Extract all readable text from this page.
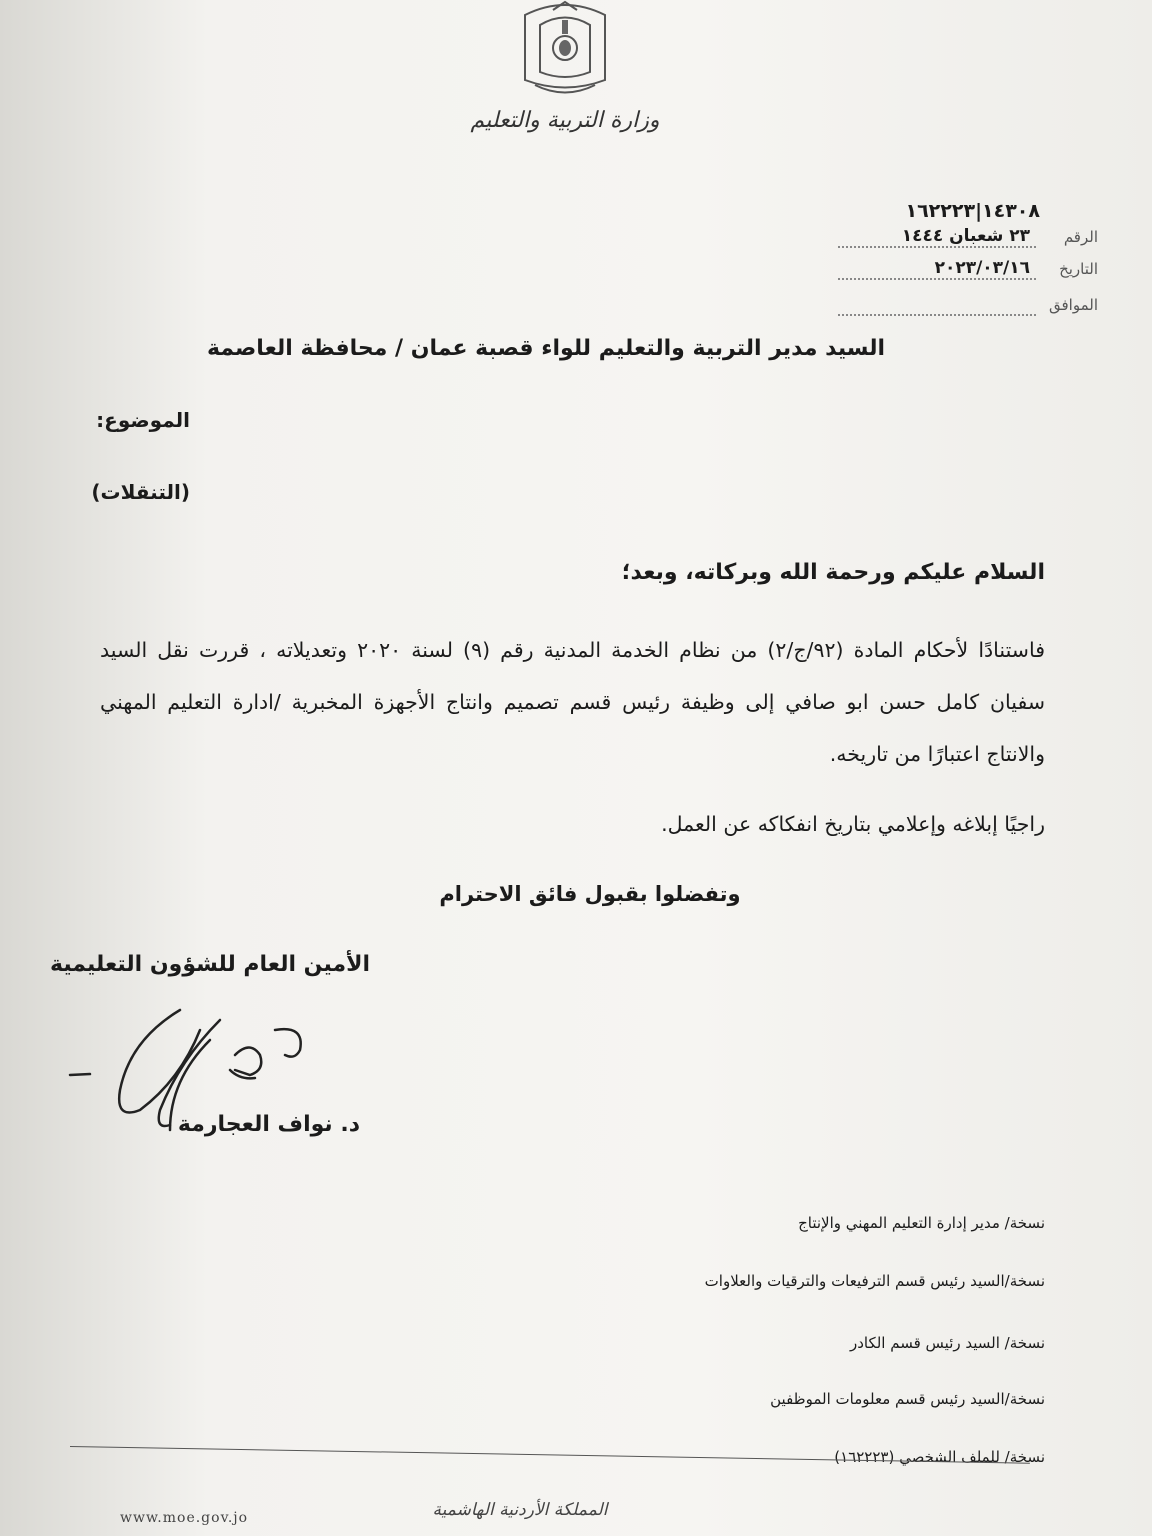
وزارة التربية والتعليم
١٤٣٠٨|١٦٢٢٢٣
الرقم
٢٣ شعبان ١٤٤٤
التاريخ
٢٠٢٣/٠٣/١٦
الموافق
السيد مدير التربية والتعليم للواء قصبة عمان / محافظة العاصمة
الموضوع:
(التنقلات)
السلام عليكم ورحمة الله وبركاته، وبعد؛
فاستنادًا لأحكام المادة (٩٢/ج/٢) من نظام الخدمة المدنية رقم (٩) لسنة ٢٠٢٠ وتعديلاته ، قررت نقل السيد سفيان كامل حسن ابو صافي إلى وظيفة رئيس قسم تصميم وانتاج الأجهزة المخبرية /ادارة التعليم المهني والانتاج اعتبارًا من تاريخه.
راجيًا إبلاغه وإعلامي بتاريخ انفكاكه عن العمل.
وتفضلوا بقبول فائق الاحترام
الأمين العام للشؤون التعليمية
د. نواف العجارمة
نسخة/ مدير إدارة التعليم المهني والإنتاج
نسخة/السيد رئيس قسم الترفيعات والترقيات والعلاوات
نسخة/ السيد رئيس قسم الكادر
نسخة/السيد رئيس قسم معلومات الموظفين
نسخة/ للملف الشخصي (١٦٢٢٢٣)
المملكة الأردنية الهاشمية
www.moe.gov.jo
